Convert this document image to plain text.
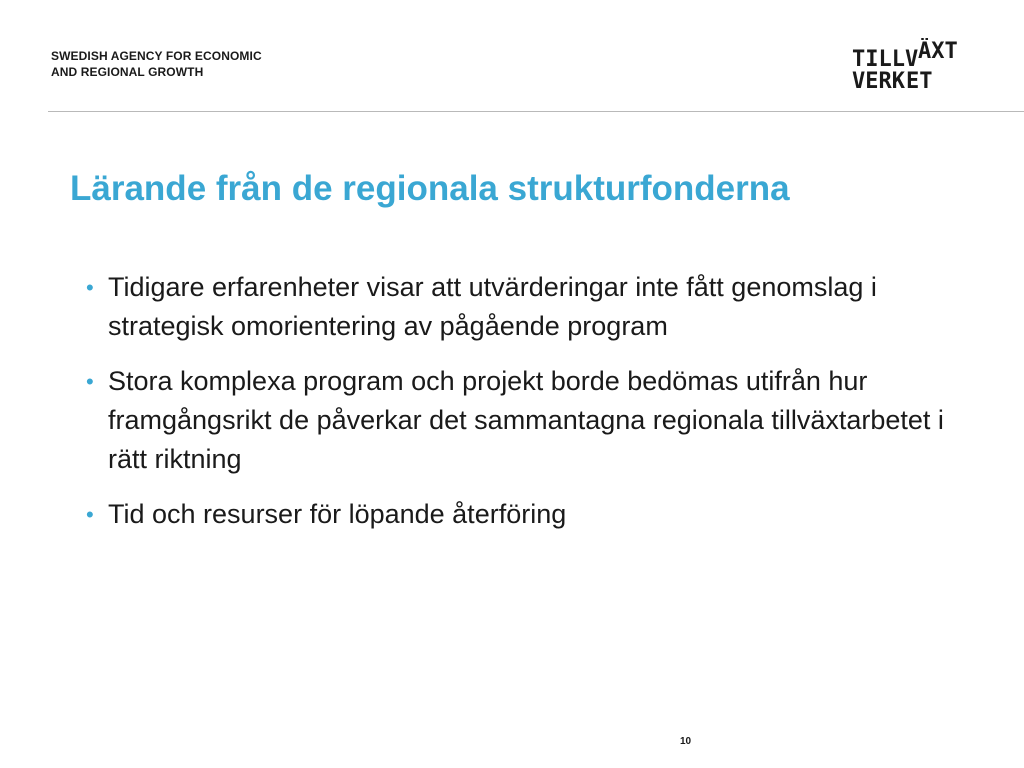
SWEDISH AGENCY FOR ECONOMIC
AND REGIONAL GROWTH	TILLV ÄXT
VERK ET
Lärande från de regionala strukturfonderna
• Tidigare erfarenheter visar att utvärderingar inte fått genomslag i strategisk omorientering av pågående program
• Stora komplexa program och projekt borde bedömas utifrån hur framgångsrikt de påverkar det sammantagna regionala tillväxtarbetet i rätt riktning
• Tid och resurser för löpande återföring
10
